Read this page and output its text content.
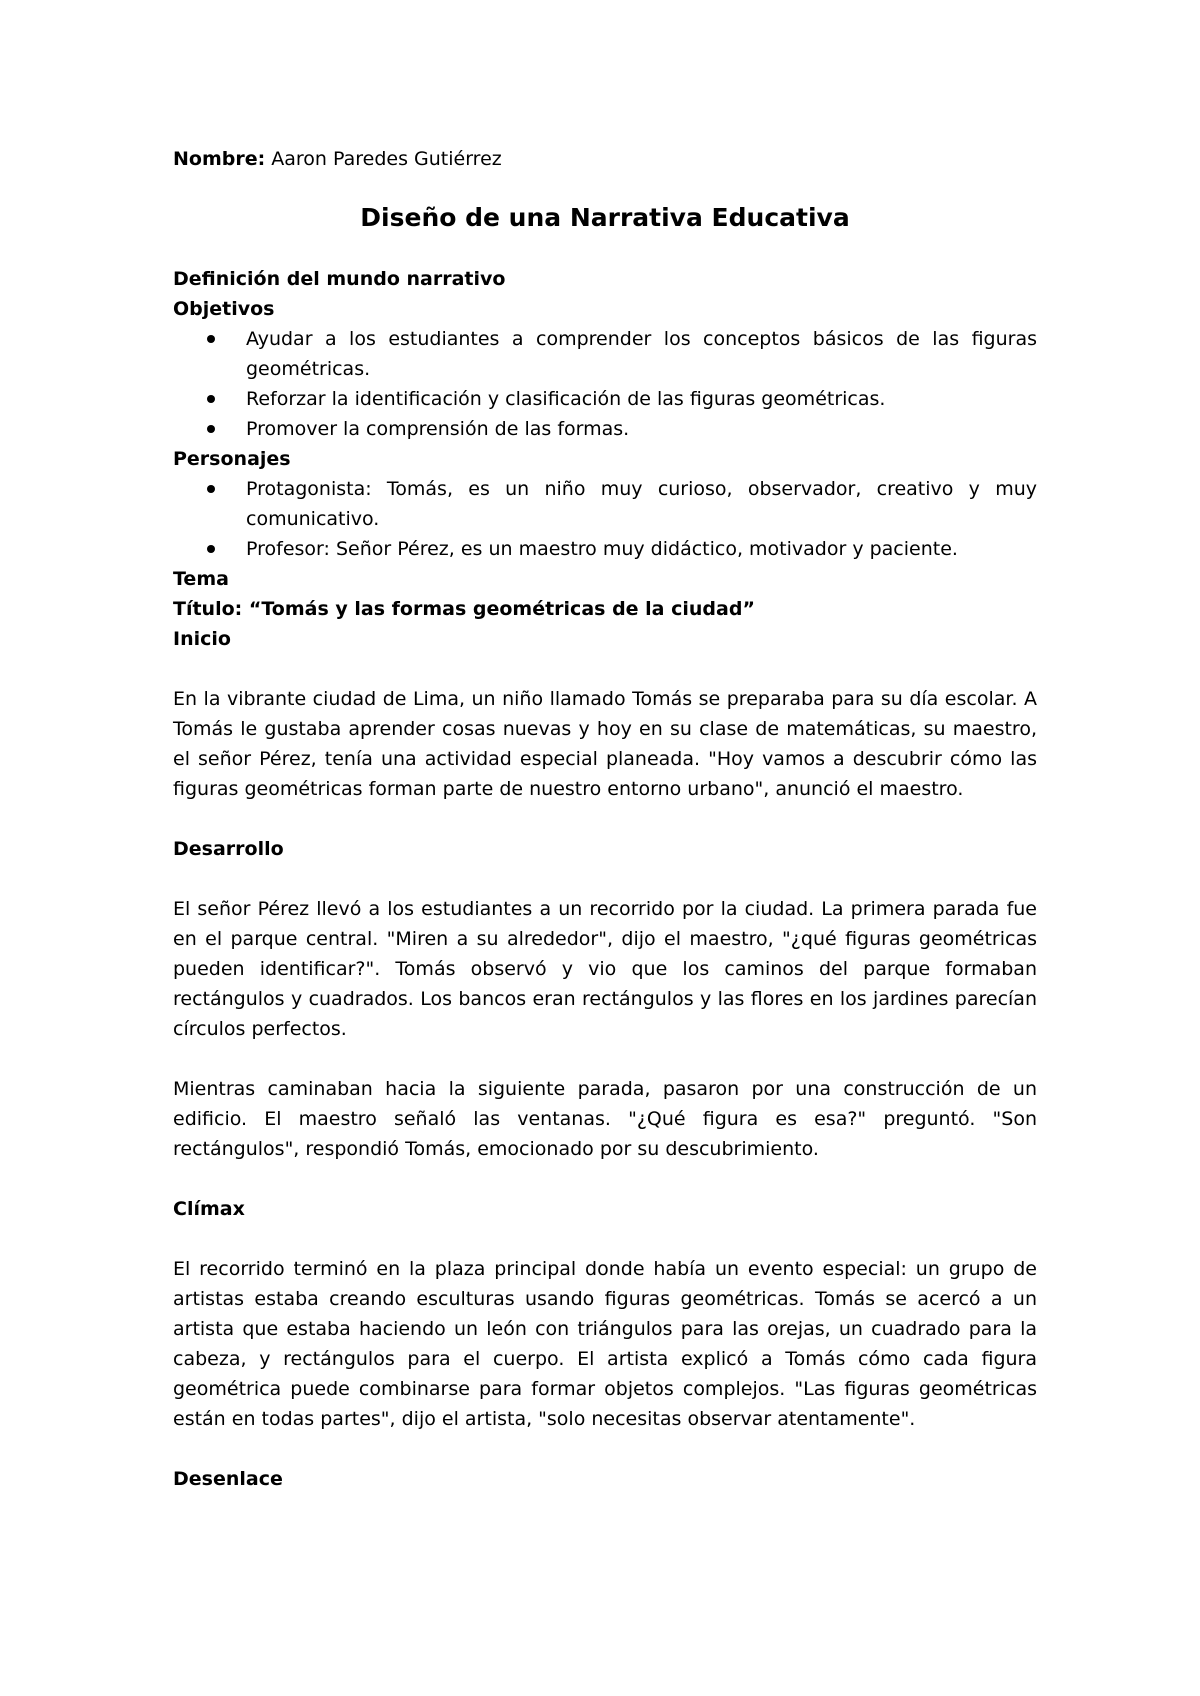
Nombre: Aaron Paredes Gutiérrez

Diseño de una Narrativa Educativa

Definición del mundo narrativo

Objetivos

Ayudar a los estudiantes a comprender los conceptos básicos de las figuras geométricas.
Reforzar la identificación y clasificación de las figuras geométricas.
Promover la comprensión de las formas.

Personajes

Protagonista: Tomás, es un niño muy curioso, observador, creativo y muy comunicativo.
Profesor: Señor Pérez, es un maestro muy didáctico, motivador y paciente.

Tema

Título: “Tomás y las formas geométricas de la ciudad”

Inicio

En la vibrante ciudad de Lima, un niño llamado Tomás se preparaba para su día escolar. A Tomás le gustaba aprender cosas nuevas y hoy en su clase de matemáticas, su maestro, el señor Pérez, tenía una actividad especial planeada. "Hoy vamos a descubrir cómo las figuras geométricas forman parte de nuestro entorno urbano", anunció el maestro.

Desarrollo

El señor Pérez llevó a los estudiantes a un recorrido por la ciudad. La primera parada fue en el parque central. "Miren a su alrededor", dijo el maestro, "¿qué figuras geométricas pueden identificar?". Tomás observó y vio que los caminos del parque formaban rectángulos y cuadrados. Los bancos eran rectángulos y las flores en los jardines parecían círculos perfectos.

Mientras caminaban hacia la siguiente parada, pasaron por una construcción de un edificio. El maestro señaló las ventanas. "¿Qué figura es esa?" preguntó. "Son rectángulos", respondió Tomás, emocionado por su descubrimiento.

Clímax

El recorrido terminó en la plaza principal donde había un evento especial: un grupo de artistas estaba creando esculturas usando figuras geométricas. Tomás se acercó a un artista que estaba haciendo un león con triángulos para las orejas, un cuadrado para la cabeza, y rectángulos para el cuerpo. El artista explicó a Tomás cómo cada figura geométrica puede combinarse para formar objetos complejos. "Las figuras geométricas están en todas partes", dijo el artista, "solo necesitas observar atentamente".

Desenlace
